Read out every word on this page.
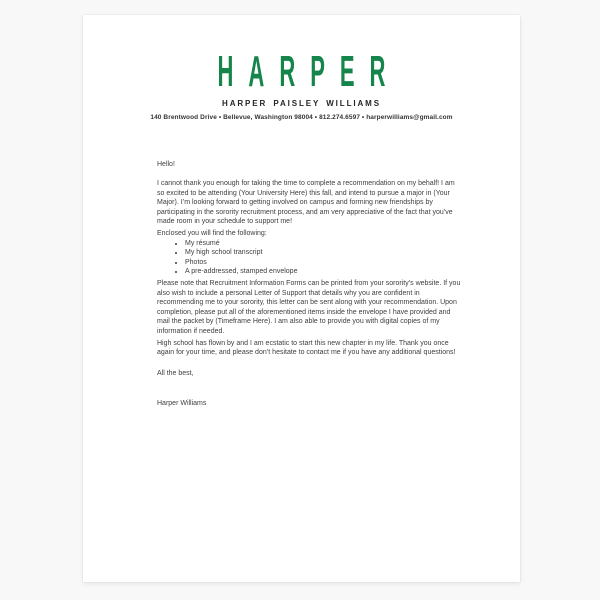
HARPER
HARPER PAISLEY WILLIAMS
140 Brentwood Drive • Bellevue, Washington 98004 • 812.274.6597 • harperwilliams@gmail.com

Hello!

I cannot thank you enough for taking the time to complete a recommendation on my behalf! I am so excited to be attending (Your University Here) this fall, and intend to pursue a major in (Your Major). I’m looking forward to getting involved on campus and forming new friendships by participating in the sorority recruitment process, and am very appreciative of the fact that you’ve made room in your schedule to support me!

Enclosed you will find the following:

• My résumé
• My high school transcript
• Photos
• A pre-addressed, stamped envelope

Please note that Recruitment Information Forms can be printed from your sorority’s website. If you also wish to include a personal Letter of Support that details why you are confident in recommending me to your sorority, this letter can be sent along with your recommendation. Upon completion, please put all of the aforementioned items inside the envelope I have provided and mail the packet by (Timeframe Here). I am also able to provide you with digital copies of my information if needed.

High school has flown by and I am ecstatic to start this new chapter in my life. Thank you once again for your time, and please don’t hesitate to contact me if you have any additional questions!

All the best,

Harper Williams
